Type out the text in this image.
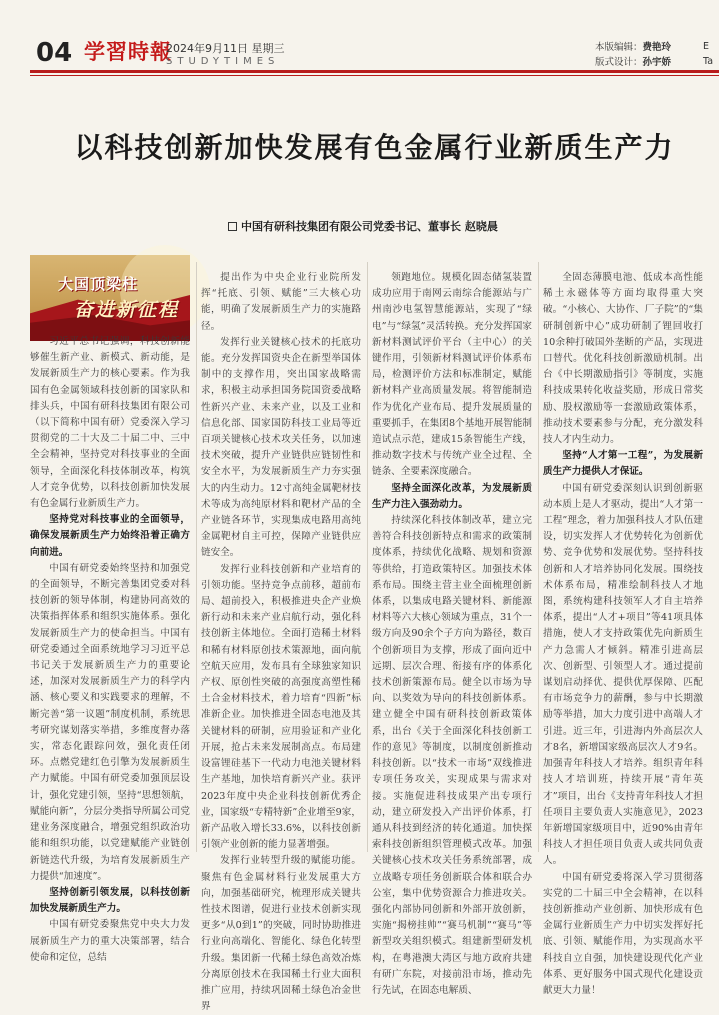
04 学習時報
2024年9月11日 星期三
STUDYTIMES
本版编辑：费艳玲
版式设计：孙宇娇
E
Ta
以科技创新加快发展有色金属行业新质生产力
中国有研科技集团有限公司党委书记、董事长 赵晓晨
大国顶梁柱
奋进新征程

习近平总书记强调，科技创新能够催生新产业、新模式、新动能，是发展新质生产力的核心要素。作为我国有色金属领域科技创新的国家队和排头兵，中国有研科技集团有限公司（以下简称中国有研）党委深入学习贯彻党的二十大及二十届二中、三中全会精神，坚持党对科技事业的全面领导，全面深化科技体制改革，构筑人才竞争优势，以科技创新加快发展有色金属行业新质生产力。

坚持党对科技事业的全面领导，确保发展新质生产力始终沿着正确方向前进。

中国有研党委始终坚持和加强党的全面领导，不断完善集团党委对科技创新的领导体制，构建协同高效的决策指挥体系和组织实施体系。强化发展新质生产力的使命担当。中国有研党委通过全面系统地学习习近平总书记关于发展新质生产力的重要论述，加深对发展新质生产力的科学内涵、核心要义和实践要求的理解，不断完善“第一议题”制度机制，系统思考研究谋划落实举措，多维度督办落实，常态化跟踪问效，强化责任闭环。点燃党建红色引擎为发展新质生产力赋能。中国有研党委加强顶层设计，强化党建引领，坚持“思想领航，赋能向新”，分层分类指导所属公司党建业务深度融合，增强党组织政治功能和组织功能，以党建赋能产业链创新链迭代升级，为培育发展新质生产力提供“加速度”。

坚持创新引领发展，以科技创新加快发展新质生产力。

中国有研党委聚焦党中央大力发展新质生产力的重大决策部署，结合使命和定位，总结

提出作为中央企业行业院所发挥“托底、引领、赋能”三大核心功能，明确了发展新质生产力的实施路径。

发挥行业关键核心技术的托底功能。充分发挥国资央企在新型举国体制中的支撑作用，突出国家战略需求，积极主动承担国务院国资委战略性新兴产业、未来产业，以及工业和信息化部、国家国防科技工业局等近百项关键核心技术攻关任务，以加速技术突破，提升产业链供应链韧性和安全水平，为发展新质生产力夯实强大的内生动力。12寸高纯金属靶材技术等成为高纯原材料和靶材产品的全产业链各环节，实现集成电路用高纯金属靶材自主可控，保障产业链供应链安全。

发挥行业科技创新和产业培育的引领功能。坚持竞争点前移，超前布局、超前投入，积极推进央企产业焕新行动和未来产业启航行动，强化科技创新主体地位。全面打造稀土材料和稀有材料原创技术策源地，面向航空航天应用，发布具有全球独家知识产权、原创性突破的高强度高塑性稀土合金材料技术，着力培育“四新”标准新企业。加快推进全固态电池及其关键材料的研制，应用验证和产业化开展，抢占未来发展制高点。布局建设富锂硅基下一代动力电池关键材料生产基地，加快培育新兴产业。获评2023年度中央企业科技创新优秀企业，国家级“专精特新”企业增至9家，新产品收入增长33.6%，以科技创新引领产业创新的能力显著增强。

发挥行业转型升级的赋能功能。聚焦有色金属材料行业发展重大方向，加强基础研究，梳理形成关键共性技术图谱，促进行业技术创新实现更多“从0到1”的突破，同时协助推进行业向高端化、智能化、绿色化转型升级。集团新一代稀土绿色高效冶炼分离原创技术在我国稀土行业大面积推广应用，持续巩固稀土绿色冶金世界

领跑地位。规模化固态储氢装置成功应用于南网云南综合能源站与广州南沙电氢智慧能源站，实现了“绿电”与“绿氢”灵活转换。充分发挥国家新材料测试评价平台（主中心）的关键作用，引领新材料测试评价体系布局，检测评价方法和标准制定，赋能新材料产业高质量发展。将智能制造作为优化产业布局、提升发展质量的重要抓手，在集团8个基地开展智能制造试点示范，建成15条智能生产线，推动数字技术与传统产业全过程、全链条、全要素深度融合。

坚持全面深化改革，为发展新质生产力注入强劲动力。

持续深化科技体制改革，建立完善符合科技创新特点和需求的政策制度体系，持续优化战略、规划和资源等供给，打造政策特区。加强技术体系布局。围绕主营主业全面梳理创新体系，以集成电路关键材料、新能源材料等六大核心领域为重点，31个一级方向及90余个子方向为路径，数百个创新项目为支撑，形成了面向近中远期、层次合理、衔接有序的体系化技术创新策源布局。健全以市场为导向、以奖效为导向的科技创新体系。建立健全中国有研科技创新政策体系，出台《关于全面深化科技创新工作的意见》等制度，以制度创新推动科技创新。以“技术一市场”双线推进专项任务攻关，实现成果与需求对接。实施促进科技成果产出专项行动，建立研发投入产出评价体系，打通从科技到经济的转化通道。加快探索科技创新组织管理模式改革。加强关键核心技术攻关任务系统部署，成立战略专项任务创新联合体和联合办公室，集中优势资源合力推进攻关。强化内部协同创新和外部开放创新，实施“揭榜挂帅”“赛马机制”“赛马”等新型攻关组织模式。组建新型研发机构，在粤港澳大湾区与地方政府共建有研广东院，对接前沿市场，推动先行先试，在固态电解质、

全固态薄膜电池、低成本高性能稀土永磁体等方面均取得重大突破。“小核心、大协作、厂子院”的“集研制创新中心”成功研制了锂回收打10余种打破国外垄断的产品，实现进口替代。优化科技创新激励机制。出台《中长期激励指引》等制度，实施科技成果转化收益奖励，形成日常奖励、股权激励等一套激励政策体系，推动技术要素参与分配，充分激发科技人才内生动力。

坚持“人才第一工程”，为发展新质生产力提供人才保证。

中国有研党委深刻认识到创新驱动本质上是人才驱动，提出“人才第一工程”理念，着力加强科技人才队伍建设，切实发挥人才优势转化为创新优势、竞争优势和发展优势。坚持科技创新和人才培养协同化发展。围绕技术体系布局，精准绘制科技人才地图，系统构建科技领军人才自主培养体系，提出“人才+项目”等41项具体措施，使人才支持政策优先向新质生产力急需人才倾斜。精准引进高层次、创新型、引领型人才。通过提前谋划启动择优、提供优厚保障、匹配有市场竞争力的薪酬，参与中长期激励等举措，加大力度引进中高端人才引进。近三年，引进海内外高层次人才8名，新增国家级高层次人才9名。加强青年科技人才培养。组织青年科技人才培训班，持续开展“青年英才”项目，出台《支持青年科技人才担任项目主要负责人实施意见》，2023年新增国家级项目中，近90%由青年科技人才担任项目负责人或共同负责人。

中国有研党委将深入学习贯彻落实党的二十届三中全会精神，在以科技创新推动产业创新、加快形成有色金属行业新质生产力中切实发挥好托底、引领、赋能作用，为实现高水平科技自立自强，加快建设现代化产业体系、更好服务中国式现代化建设贡献更大力量！
